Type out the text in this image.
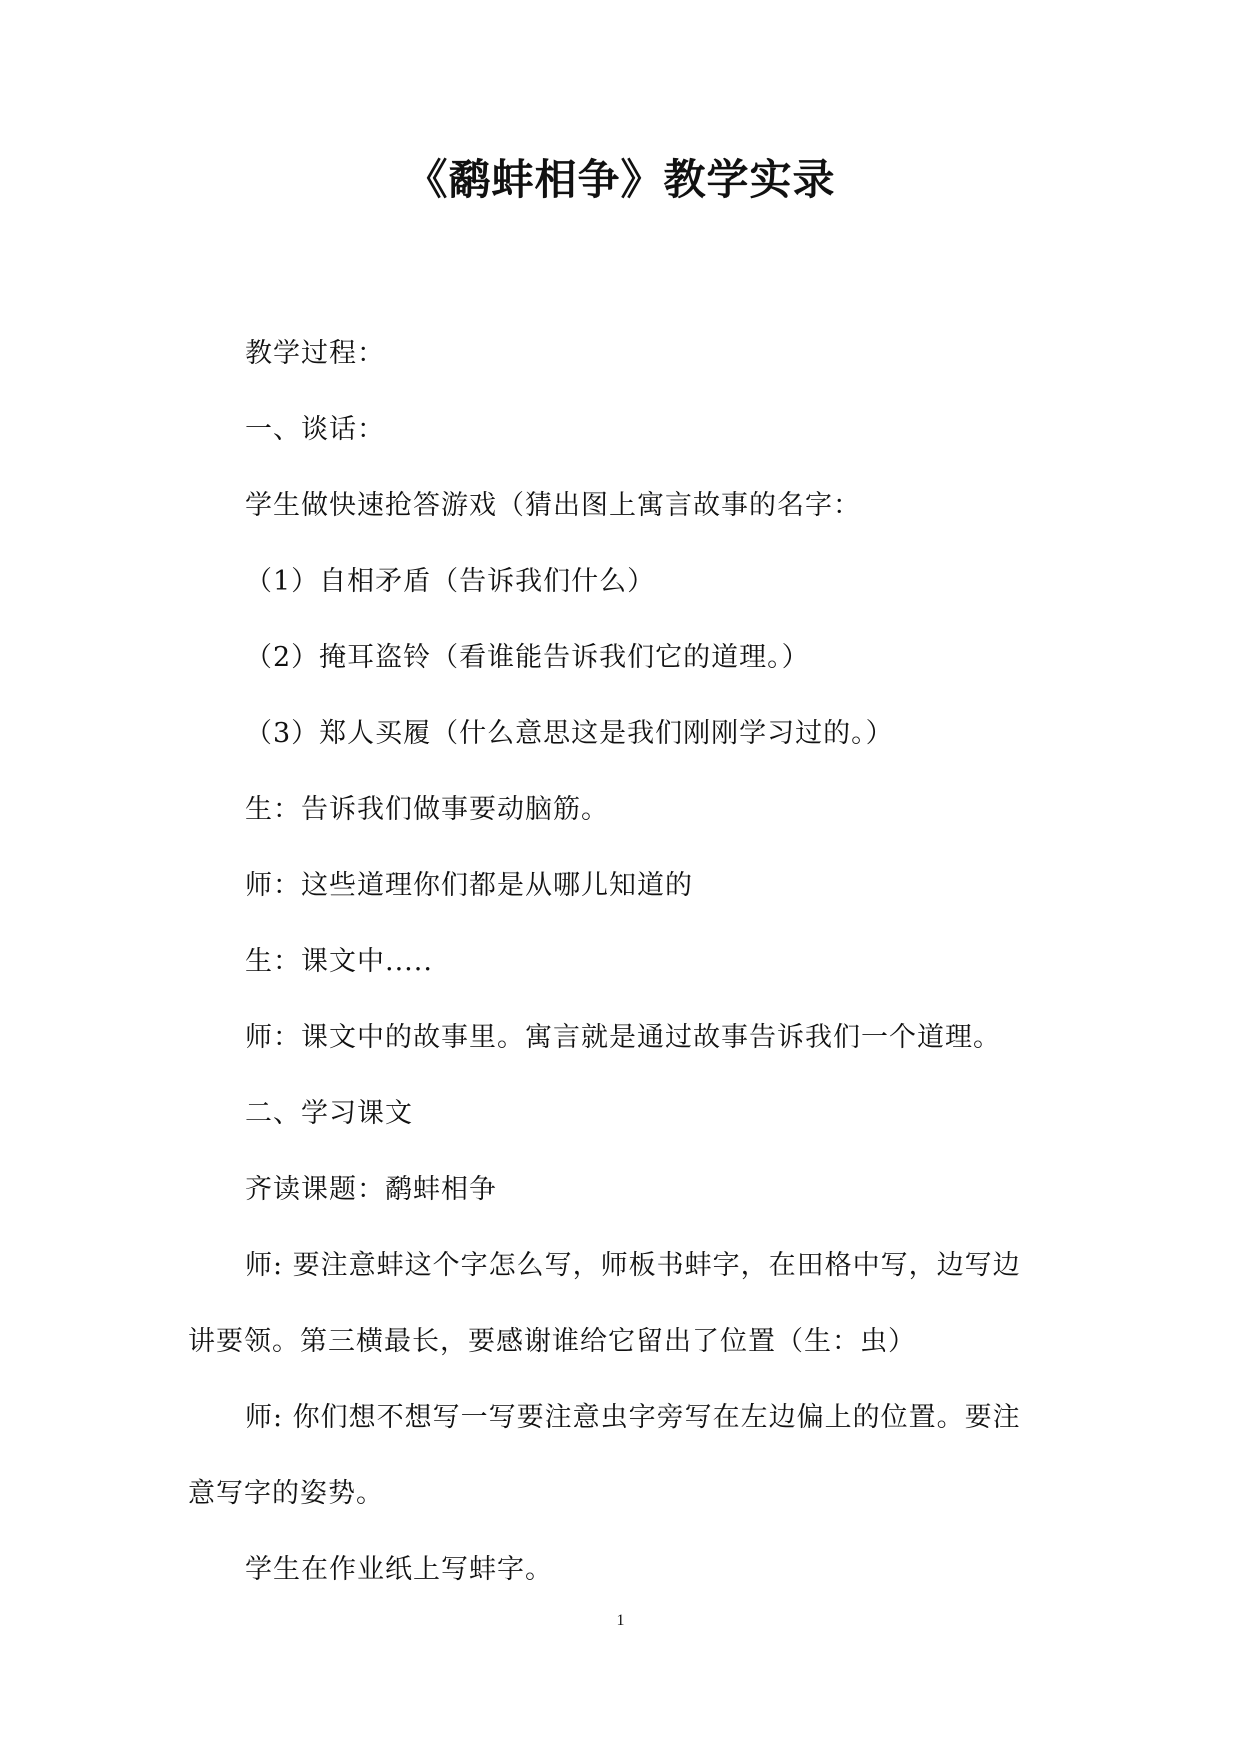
《鹬蚌相争》教学实录
教学过程：
一、谈话：
学生做快速抢答游戏（猜出图上寓言故事的名字：
（1）自相矛盾（告诉我们什么）
（2）掩耳盗铃（看谁能告诉我们它的道理。）
（3）郑人买履（什么意思这是我们刚刚学习过的。）
生：告诉我们做事要动脑筋。
师：这些道理你们都是从哪儿知道的
生：课文中.....
师：课文中的故事里。寓言就是通过故事告诉我们一个道理。
二、学习课文
齐读课题：鹬蚌相争
师: 要注意蚌这个字怎么写，师板书蚌字，在田格中写，边写边
讲要领。第三横最长，要感谢谁给它留出了位置（生：虫）
师: 你们想不想写一写要注意虫字旁写在左边偏上的位置。要注
意写字的姿势。
学生在作业纸上写蚌字。
1
